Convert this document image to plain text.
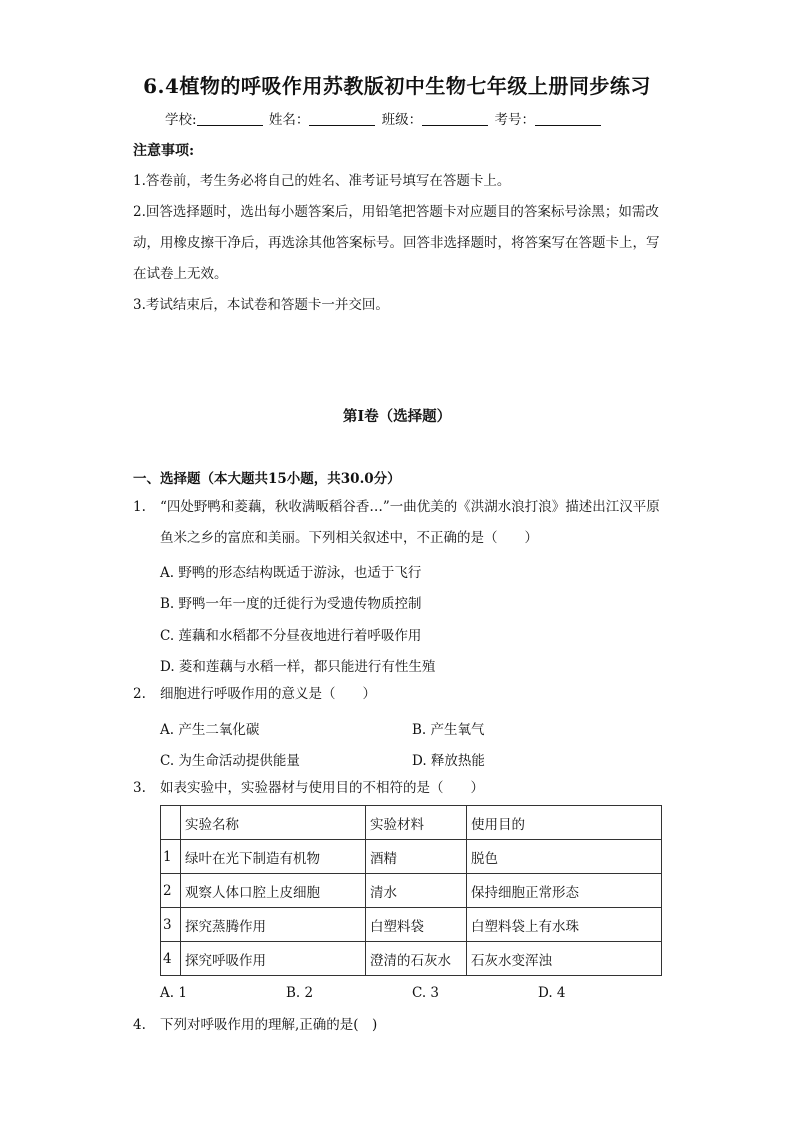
6.4植物的呼吸作用苏教版初中生物七年级上册同步练习
学校:	姓名：	班级：	考号：
注意事项:
1.答卷前，考生务必将自己的姓名、准考证号填写在答题卡上。
2.回答选择题时，选出每小题答案后，用铅笔把答题卡对应题目的答案标号涂黑；如需改动，用橡皮擦干净后，再选涂其他答案标号。回答非选择题时，将答案写在答题卡上，写在试卷上无效。
3.考试结束后，本试卷和答题卡一并交回。
第I卷（选择题）
一、选择题（本大题共15小题，共30.0分）
1. “四处野鸭和菱藕，秋收满畈稻谷香…”一曲优美的《洪湖水浪打浪》描述出江汉平原鱼米之乡的富庶和美丽。下列相关叙述中，不正确的是（　　）
A. 野鸭的形态结构既适于游泳，也适于飞行
B. 野鸭一年一度的迁徙行为受遗传物质控制
C. 莲藕和水稻都不分昼夜地进行着呼吸作用
D. 菱和莲藕与水稻一样，都只能进行有性生殖
2. 细胞进行呼吸作用的意义是（　　）
A. 产生二氧化碳	B. 产生氧气
C. 为生命活动提供能量	D. 释放热能
3. 如表实验中，实验器材与使用目的不相符的是（　　）
	实验名称	实验材料	使用目的
1	绿叶在光下制造有机物	酒精	脱色
2	观察人体口腔上皮细胞	清水	保持细胞正常形态
3	探究蒸腾作用	白塑料袋	白塑料袋上有水珠
4	探究呼吸作用	澄清的石灰水	石灰水变浑浊
A. 1	B. 2	C. 3	D. 4
4. 下列对呼吸作用的理解,正确的是(　)
